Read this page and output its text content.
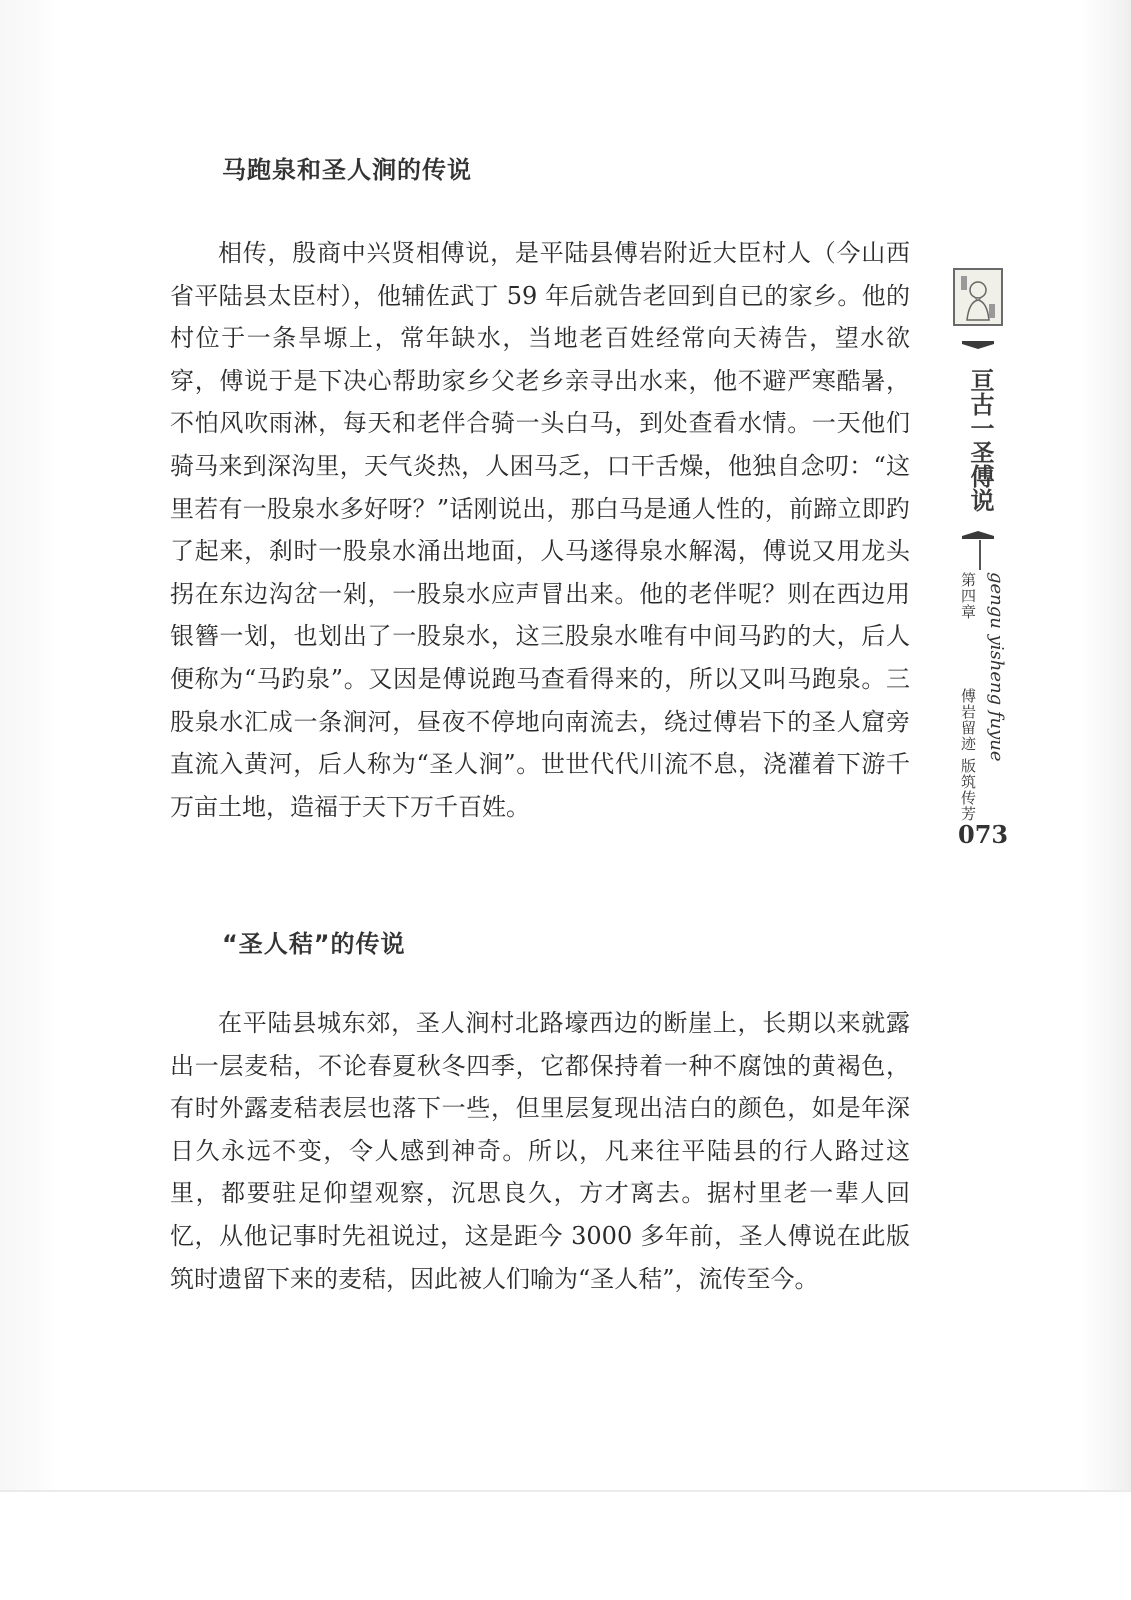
马跑泉和圣人涧的传说

相传，殷商中兴贤相傅说，是平陆县傅岩附近大臣村人（今山西省平陆县太臣村），他辅佐武丁 59 年后就告老回到自已的家乡。他的村位于一条旱塬上，常年缺水，当地老百姓经常向天祷告，望水欲穿，傅说于是下决心帮助家乡父老乡亲寻出水来，他不避严寒酷暑，不怕风吹雨淋，每天和老伴合骑一头白马，到处查看水情。一天他们骑马来到深沟里，天气炎热，人困马乏，口干舌燥，他独自念叨：“这里若有一股泉水多好呀？”话刚说出，那白马是通人性的，前蹄立即趵了起来，刹时一股泉水涌出地面，人马遂得泉水解渴，傅说又用龙头拐在东边沟岔一剁，一股泉水应声冒出来。他的老伴呢？则在西边用银簪一划，也划出了一股泉水，这三股泉水唯有中间马趵的大，后人便称为“马趵泉”。又因是傅说跑马查看得来的，所以又叫马跑泉。三股泉水汇成一条涧河，昼夜不停地向南流去，绕过傅岩下的圣人窟旁直流入黄河，后人称为“圣人涧”。世世代代川流不息，浇灌着下游千万亩土地，造福于天下万千百姓。

“圣人秸”的传说

在平陆县城东郊，圣人涧村北路壕西边的断崖上，长期以来就露出一层麦秸，不论春夏秋冬四季，它都保持着一种不腐蚀的黄褐色，有时外露麦秸表层也落下一些，但里层复现出洁白的颜色，如是年深日久永远不变，令人感到神奇。所以，凡来往平陆县的行人路过这里，都要驻足仰望观察，沉思良久，方才离去。据村里老一辈人回忆，从他记事时先祖说过，这是距今 3000 多年前，圣人傅说在此版筑时遗留下来的麦秸，因此被人们喻为“圣人秸”，流传至今。

亘古一圣傅说
第四章
傅岩留迹 版筑传芳 gengu yisheng fuyue
073
